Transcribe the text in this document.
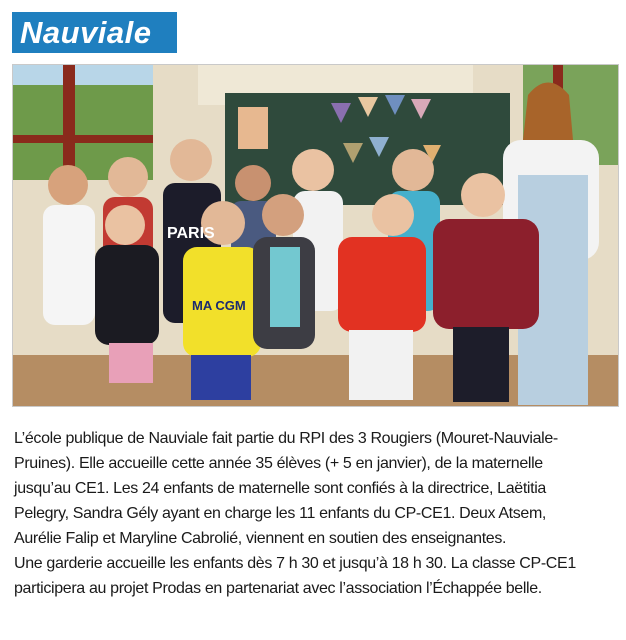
Nauviale
PARIS
MA CGM

L’école publique de Nauviale fait partie du RPI des 3 Rougiers (Mouret-Nauviale-

Pruines). Elle accueille cette année 35 élèves (+ 5 en janvier), de la maternelle

jusqu’au CE1. Les 24 enfants de maternelle sont confiés à la directrice, Laëtitia

Pelegry, Sandra Gély ayant en charge les 11 enfants du CP-CE1. Deux Atsem,

Aurélie Falip et Maryline Cabrolié, viennent en soutien des enseignantes.

Une garderie accueille les enfants dès 7 h 30 et jusqu’à 18 h 30. La classe CP-CE1

participera au projet Prodas en partenariat avec l’association l’Échappée belle.
